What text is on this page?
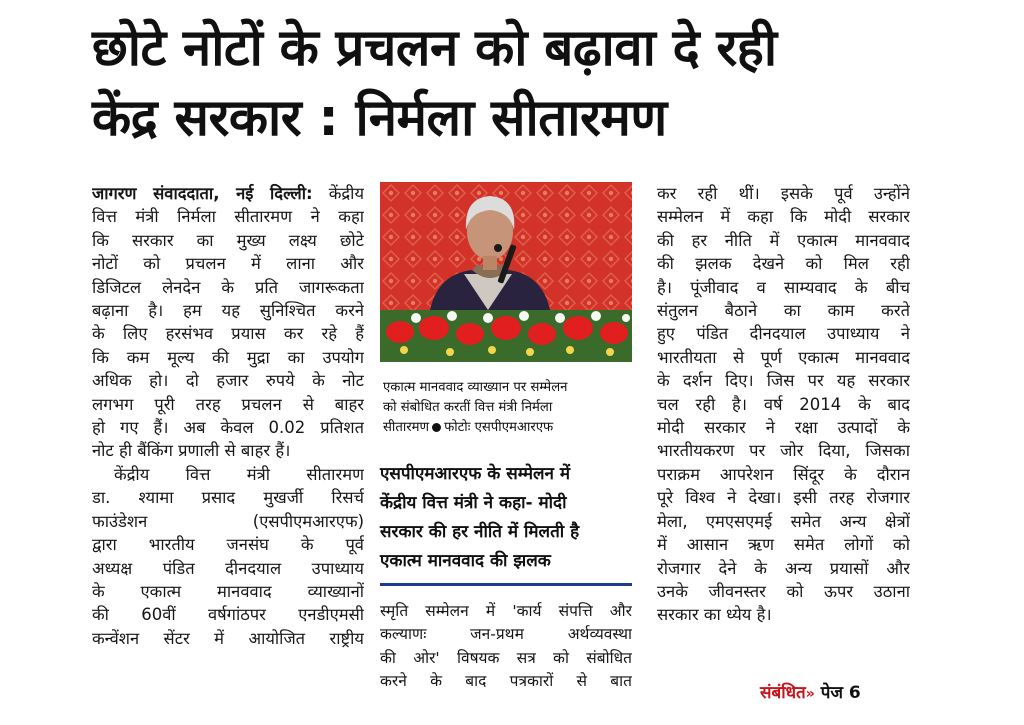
छोटे नोटों के प्रचलन को बढ़ावा दे रही
केंद्र सरकार : निर्मला सीतारमण
जागरण संवाददाता, नई दिल्ली: केंद्रीय
वित्त मंत्री निर्मला सीतारमण ने कहा
कि सरकार का मुख्य लक्ष्य छोटे
नोटों को प्रचलन में लाना और
डिजिटल लेनदेन के प्रति जागरूकता
बढ़ाना है। हम यह सुनिश्चित करने
के लिए हरसंभव प्रयास कर रहे हैं
कि कम मूल्य की मुद्रा का उपयोग
अधिक हो। दो हजार रुपये के नोट
लगभग पूरी तरह प्रचलन से बाहर
हो गए हैं। अब केवल 0.02 प्रतिशत
नोट ही बैंकिंग प्रणाली से बाहर हैं।
केंद्रीय वित्त मंत्री सीतारमण
डा. श्यामा प्रसाद मुखर्जी रिसर्च
फाउंडेशन (एसपीएमआरएफ)
द्वारा भारतीय जनसंघ के पूर्व
अध्यक्ष पंडित दीनदयाल उपाध्याय
के एकात्म मानववाद व्याख्यानों
की 60वीं वर्षगांठपर एनडीएमसी
कन्वेंशन सेंटर में आयोजित राष्ट्रीय
एकात्म मानववाद व्याख्यान पर सम्मेलन
को संबोधित करतीं वित्त मंत्री निर्मला
सीतारमण फोटोः एसपीएमआरएफ
एसपीएमआरएफ के सम्मेलन में
केंद्रीय वित्त मंत्री ने कहा- मोदी
सरकार की हर नीति में मिलती है
एकात्म मानववाद की झलक
स्मृति सम्मेलन में 'कार्य संपत्ति और
कल्याणः जन-प्रथम अर्थव्यवस्था
की ओर' विषयक सत्र को संबोधित
करने के बाद पत्रकारों से बात
कर रही थीं। इसके पूर्व उन्होंने
सम्मेलन में कहा कि मोदी सरकार
की हर नीति में एकात्म मानववाद
की झलक देखने को मिल रही
है। पूंजीवाद व साम्यवाद के बीच
संतुलन बैठाने का काम करते
हुए पंडित दीनदयाल उपाध्याय ने
भारतीयता से पूर्ण एकात्म मानववाद
के दर्शन दिए। जिस पर यह सरकार
चल रही है। वर्ष 2014 के बाद
मोदी सरकार ने रक्षा उत्पादों के
भारतीयकरण पर जोर दिया, जिसका
पराक्रम आपरेशन सिंदूर के दौरान
पूरे विश्व ने देखा। इसी तरह रोजगार
मेला, एमएसएमई समेत अन्य क्षेत्रों
में आसान ऋण समेत लोगों को
रोजगार देने के अन्य प्रयासों और
उनके जीवनस्तर को ऊपर उठाना
सरकार का ध्येय है।
संबंधित» पेज 6
